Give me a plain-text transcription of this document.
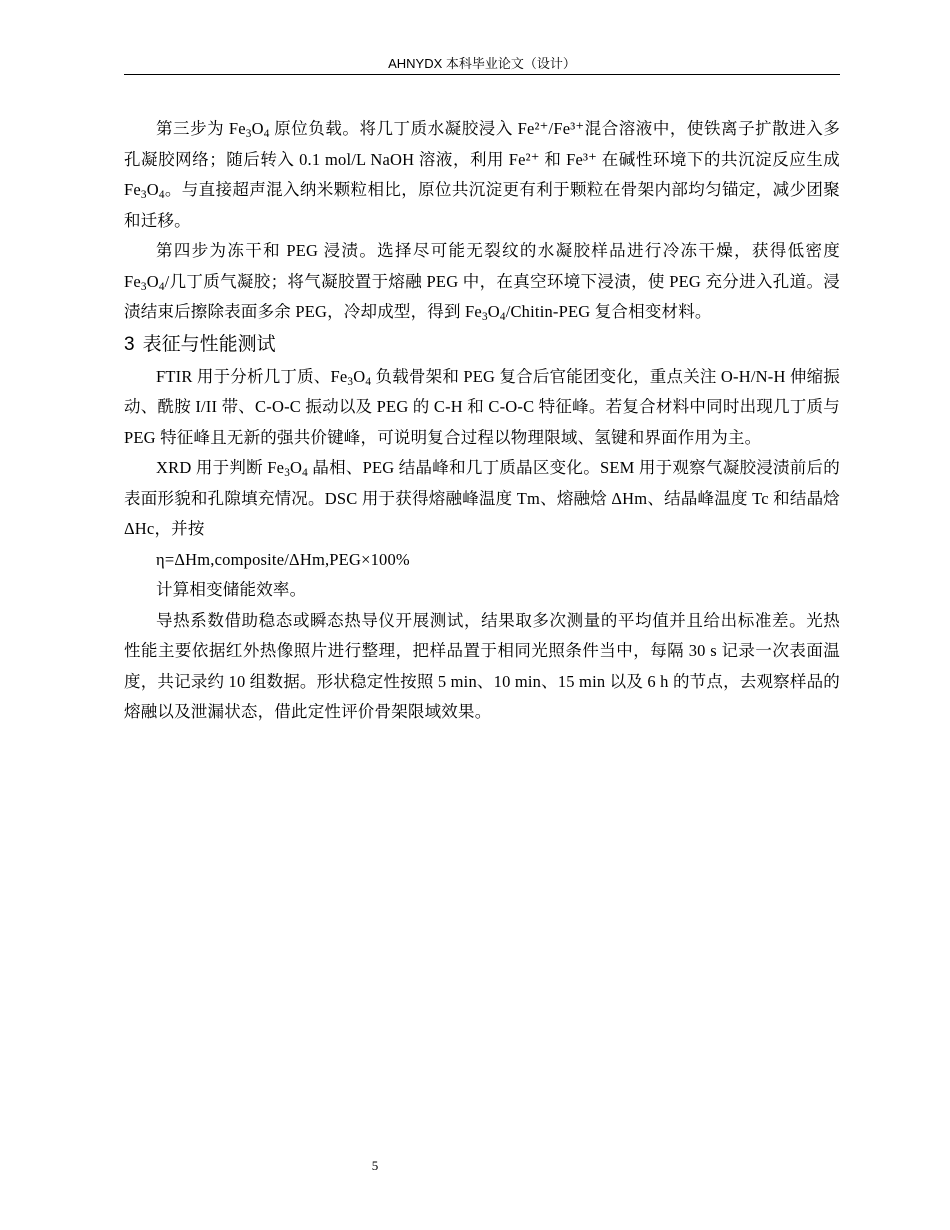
AHNYDX 本科毕业论文（设计）

第三步为 $Fe_3O_4$ 原位负载。将几丁质水凝胶浸入 Fe²⁺/Fe³⁺混合溶液中，使铁离子扩散进入多孔凝胶网络；随后转入 0.1 mol/L NaOH 溶液，利用 Fe²⁺ 和 Fe³⁺ 在碱性环境下的共沉淀反应生成 $Fe_3O_4$。与直接超声混入纳米颗粒相比，原位共沉淀更有利于颗粒在骨架内部均匀锚定，减少团聚和迁移。

第四步为冻干和 PEG 浸渍。选择尽可能无裂纹的水凝胶样品进行冷冻干燥，获得低密度 $Fe_3O_4/$几丁质气凝胶；将气凝胶置于熔融 PEG 中，在真空环境下浸渍，使 PEG 充分进入孔道。浸渍结束后擦除表面多余 PEG，冷却成型，得到 $Fe_3O_4/Chitin$-PEG 复合相变材料。

3 表征与性能测试

FTIR 用于分析几丁质、$Fe_3O_4$ 负载骨架和 PEG 复合后官能团变化，重点关注 O-H/N-H 伸缩振动、酰胺 I/II 带、C-O-C 振动以及 PEG 的 C-H 和 C-O-C 特征峰。若复合材料中同时出现几丁质与 PEG 特征峰且无新的强共价键峰，可说明复合过程以物理限域、氢键和界面作用为主。

XRD 用于判断 $Fe_3O_4$ 晶相、PEG 结晶峰和几丁质晶区变化。SEM 用于观察气凝胶浸渍前后的表面形貌和孔隙填充情况。DSC 用于获得熔融峰温度 Tm、熔融焓 ΔHm、结晶峰温度 Tc 和结晶焓 ΔHc，并按

η=ΔHm,composite/ΔHm,PEG×100%

计算相变储能效率。

导热系数借助稳态或瞬态热导仪开展测试，结果取多次测量的平均值并且给出标准差。光热性能主要依据红外热像照片进行整理，把样品置于相同光照条件当中，每隔 30 s 记录一次表面温度，共记录约 10 组数据。形状稳定性按照 5 min、10 min、15 min 以及 6 h 的节点，去观察样品的熔融以及泄漏状态，借此定性评价骨架限域效果。

5
